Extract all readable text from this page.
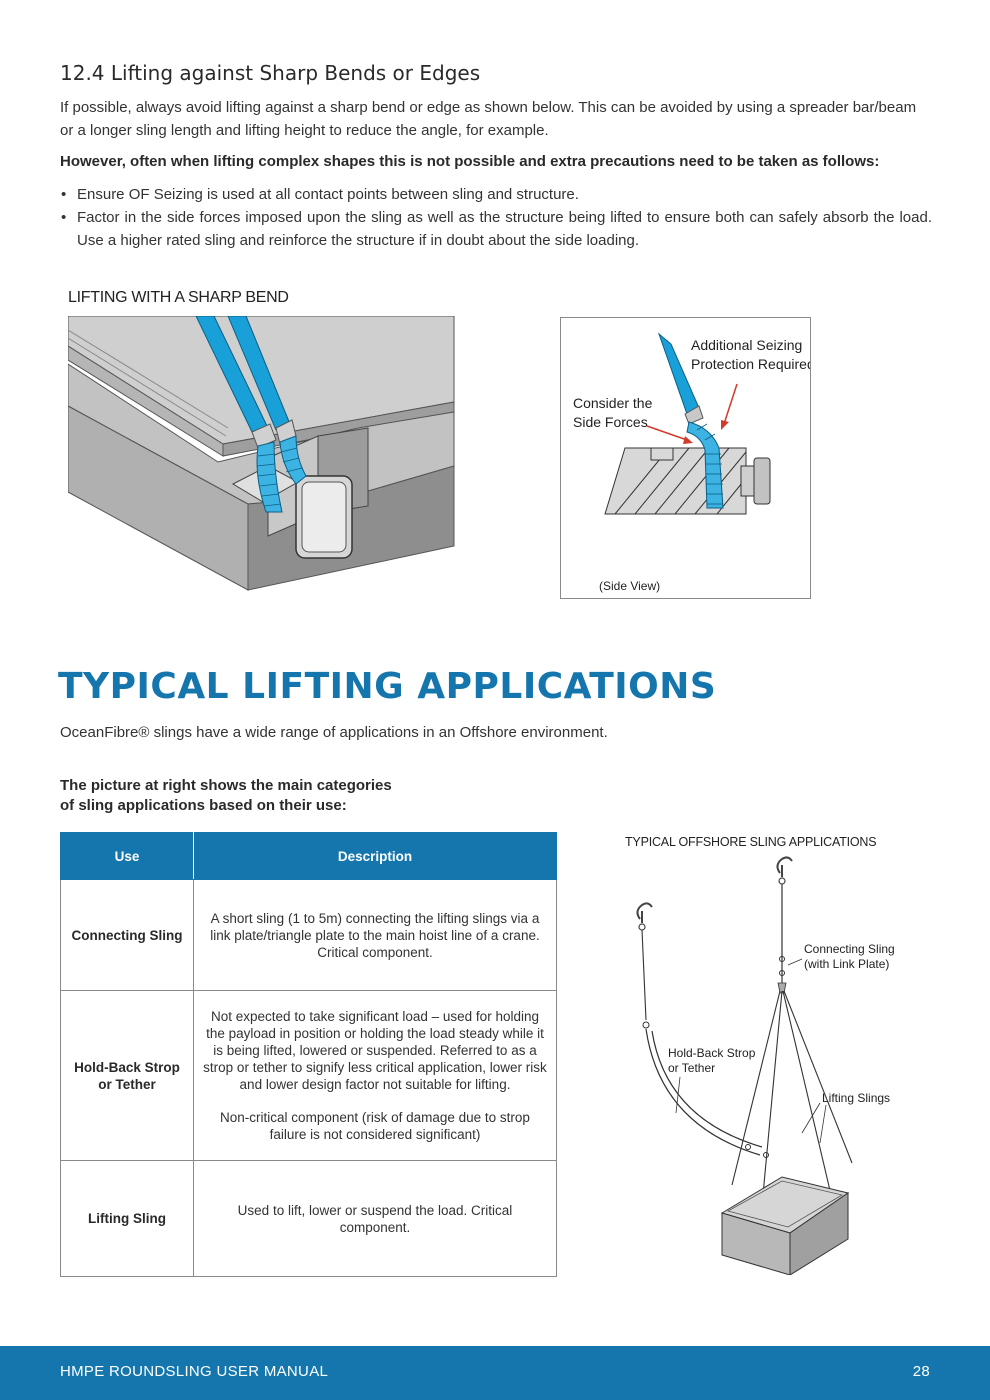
12.4 Lifting against Sharp Bends or Edges

If possible, always avoid lifting against a sharp bend or edge as shown below. This can be avoided by using a spreader bar/beam or a longer sling length and lifting height to reduce the angle, for example.

However, often when lifting complex shapes this is not possible and extra precautions need to be taken as follows:

• Ensure OF Seizing is used at all contact points between sling and structure.
• Factor in the side forces imposed upon the sling as well as the structure being lifted to ensure both can safely absorb the load. Use a higher rated sling and reinforce the structure if in doubt about the side loading.
LIFTING WITH A SHARP BEND
Additional Seizing
Protection Required
Consider the
Side Forces
(Side View)
TYPICAL LIFTING APPLICATIONS

OceanFibre® slings have a wide range of applications in an Offshore environment.

The picture at right shows the main categories
of sling applications based on their use:
Use	Description
Connecting Sling	A short sling (1 to 5m) connecting the lifting slings via a link plate/triangle plate to the main hoist line of a crane. Critical component.

Hold-Back Strop or Tether	Not expected to take significant load – used for holding the payload in position or holding the load steady while it is being lifted, lowered or suspended. Referred to as a strop or tether to signify less critical application, lower risk and lower design factor not suitable for lifting.
Non-critical component (risk of damage due to strop failure is not considered significant)

Lifting Sling	Used to lift, lower or suspend the load. Critical component.
TYPICAL OFFSHORE SLING APPLICATIONS
Connecting Sling
(with Link Plate)
Hold-Back Strop
or Tether
Lifting Slings
HMPE ROUNDSLING USER MANUAL	28
